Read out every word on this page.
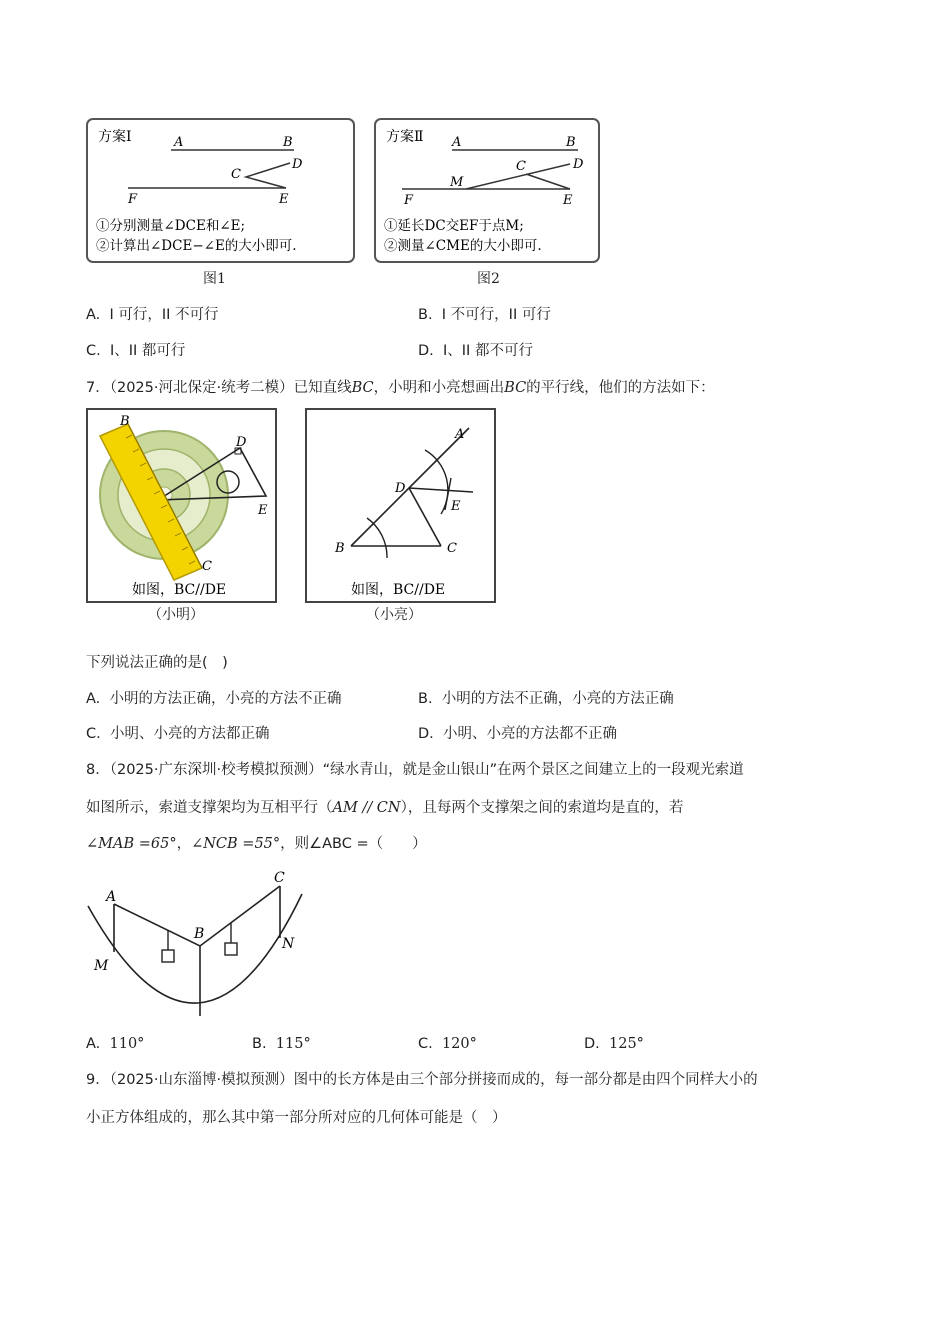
方案Ⅰ	A	B
C
D
E
F
①分别测量∠DCE和∠E;
②计算出∠DCE−∠E的大小即可.
图1
方案Ⅱ A	B
C	D
E
F
M
①延长DC交EF于点M;
②测量∠CME的大小即可.
图2
A. I 可行，II 不可行	B. I 不可行，II 可行
C. I、II 都可行	D. I、II 都不可行
7．（2025·河北保定·统考二模）已知直线BC，小明和小亮想画出BC的平行线，他们的方法如下：
B
C
D
E
如图，BC//DE
（小明）
A
B	C
D
E
如图，BC//DE
（小亮）
下列说法正确的是(　)
A. 小明的方法正确，小亮的方法不正确	B. 小明的方法不正确，小亮的方法正确
C. 小明、小亮的方法都正确	D. 小明、小亮的方法都不正确
8．（2025·广东深圳·校考模拟预测）“绿水青山，就是金山银山”在两个景区之间建立上的一段观光索道
如图所示，索道支撑架均为互相平行（AM // CN），且每两个支撑架之间的索道均是直的，若
∠MAB =65°，∠NCB =55°，则∠ABC =（　　）
A
B
C
M
N
A. 110°	B. 115°	C. 120°	D. 125°
9．（2025·山东淄博·模拟预测）图中的长方体是由三个部分拼接而成的，每一部分都是由四个同样大小的
小正方体组成的，那么其中第一部分所对应的几何体可能是（　）
